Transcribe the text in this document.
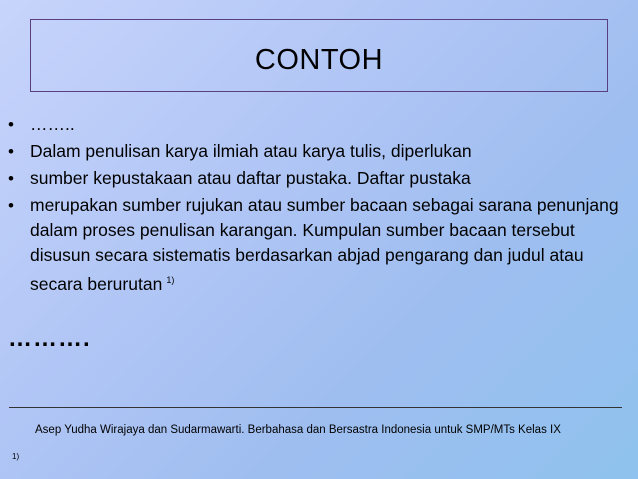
CONTOH
• ……..
• Dalam penulisan karya ilmiah atau karya tulis, diperlukan
• sumber kepustakaan atau daftar pustaka. Daftar pustaka
• merupakan sumber rujukan atau sumber bacaan sebagai sarana penunjang dalam proses penulisan karangan. Kumpulan sumber bacaan tersebut disusun secara sistematis berdasarkan abjad pengarang dan judul atau secara berurutan $^{1)}$
……….
Asep Yudha Wirajaya dan Sudarmawarti. Berbahasa dan Bersastra Indonesia untuk SMP/MTs Kelas IX
1)
